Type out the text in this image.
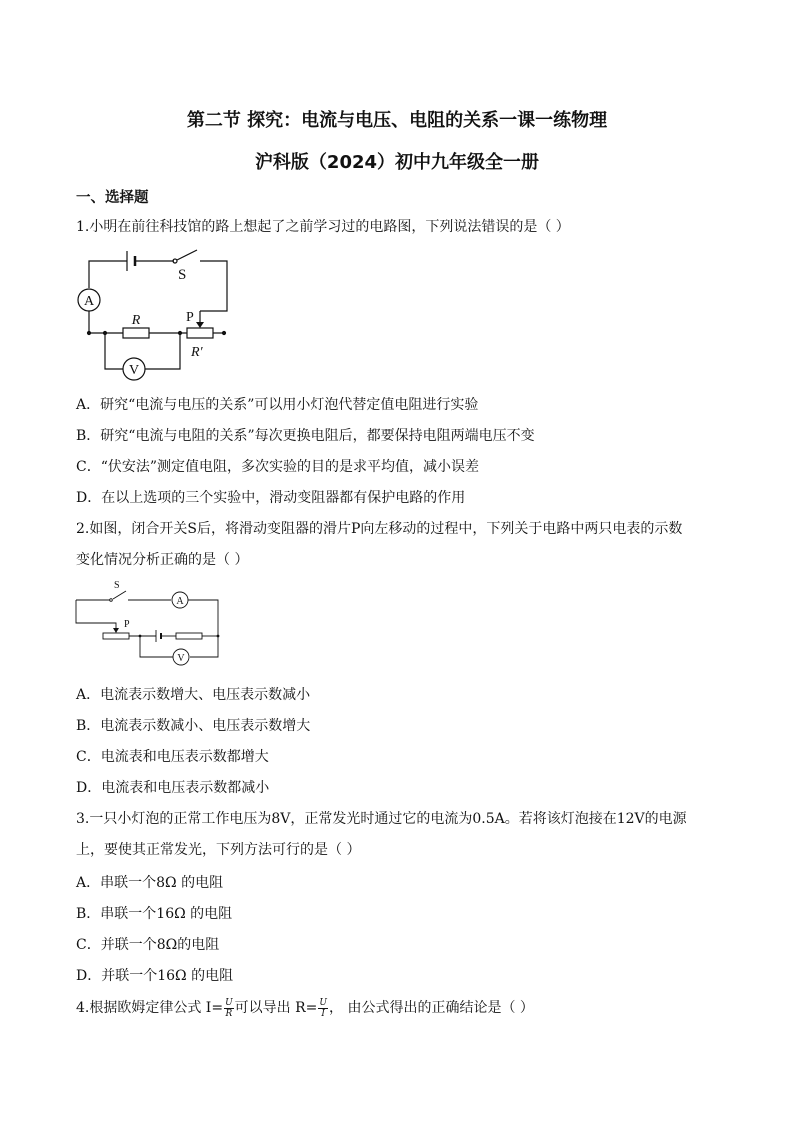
第二节 探究：电流与电压、电阻的关系一课一练物理
沪科版（2024）初中九年级全一册
一、选择题
1.小明在前往科技馆的路上想起了之前学习过的电路图，下列说法错误的是（ ）
S
A
R	P
R′
V
A．研究“电流与电压的关系”可以用小灯泡代替定值电阻进行实验
B．研究“电流与电阻的关系”每次更换电阻后，都要保持电阻两端电压不变
C．“伏安法”测定值电阻，多次实验的目的是求平均值，减小误差
D．在以上选项的三个实验中，滑动变阻器都有保护电路的作用
2.如图，闭合开关S后，将滑动变阻器的滑片P向左移动的过程中，下列关于电路中两只电表的示数
变化情况分析正确的是（ ）
S
A
P
V
A．电流表示数增大、电压表示数减小
B．电流表示数减小、电压表示数增大
C．电流表和电压表示数都增大
D．电流表和电压表示数都减小
3.一只小灯泡的正常工作电压为8V，正常发光时通过它的电流为0.5A。若将该灯泡接在12V的电源
上，要使其正常发光，下列方法可行的是（ ）
A．串联一个8Ω 的电阻
B．串联一个16Ω 的电阻
C．并联一个8Ω的电阻
D．并联一个16Ω 的电阻
4.根据欧姆定律公式 $I= \frac{U}{R}$ 可以导出 $R= \frac{U}{I}$ ， 由公式得出的正确结论是（ ）
